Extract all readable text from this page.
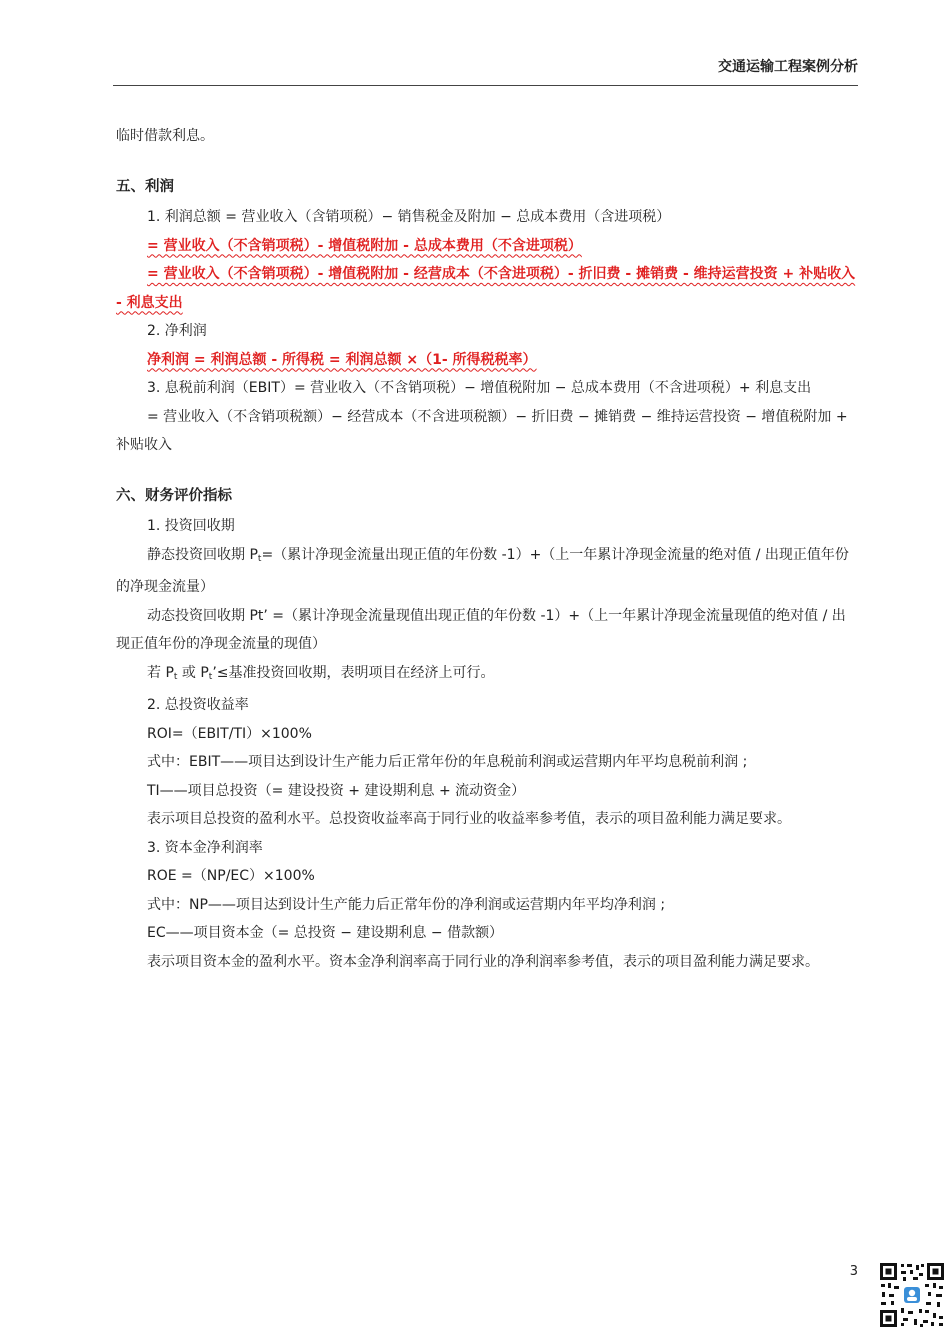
交通运输工程案例分析

临时借款利息。

五、利润

1. 利润总额 = 营业收入（含销项税）− 销售税金及附加 − 总成本费用（含进项税）

= 营业收入（不含销项税）- 增值税附加 - 总成本费用（不含进项税）

= 营业收入（不含销项税）- 增值税附加 - 经营成本（不含进项税）- 折旧费 - 摊销费 - 维持运营投资 + 补贴收入 - 利息支出

2. 净利润

净利润 = 利润总额 - 所得税 = 利润总额 ×（1- 所得税税率）

3. 息税前利润（EBIT）= 营业收入（不含销项税）− 增值税附加 − 总成本费用（不含进项税）+ 利息支出

= 营业收入（不含销项税额）− 经营成本（不含进项税额）− 折旧费 − 摊销费 − 维持运营投资 − 增值税附加 + 补贴收入

六、财务评价指标

1. 投资回收期

静态投资回收期 $P_t=$（累计净现金流量出现正值的年份数 -1）+（上一年累计净现金流量的绝对值 / 出现正值年份的净现金流量）

动态投资回收期 Pt’ =（累计净现金流量现值出现正值的年份数 -1）+（上一年累计净现金流量现值的绝对值 / 出现正值年份的净现金流量的现值）

若 $P_t$ 或 $P_t’\le$基准投资回收期，表明项目在经济上可行。

2. 总投资收益率

ROI=（EBIT/TI）×100%

式中：EBIT——项目达到设计生产能力后正常年份的年息税前利润或运营期内年平均息税前利润 ;

TI——项目总投资（= 建设投资 + 建设期利息 + 流动资金）

表示项目总投资的盈利水平。总投资收益率高于同行业的收益率参考值，表示的项目盈利能力满足要求。

3. 资本金净利润率

ROE =（NP/EC）×100%

式中：NP——项目达到设计生产能力后正常年份的净利润或运营期内年平均净利润 ;

EC——项目资本金（= 总投资 − 建设期利息 − 借款额）

表示项目资本金的盈利水平。资本金净利润率高于同行业的净利润率参考值，表示的项目盈利能力满足要求。

3
